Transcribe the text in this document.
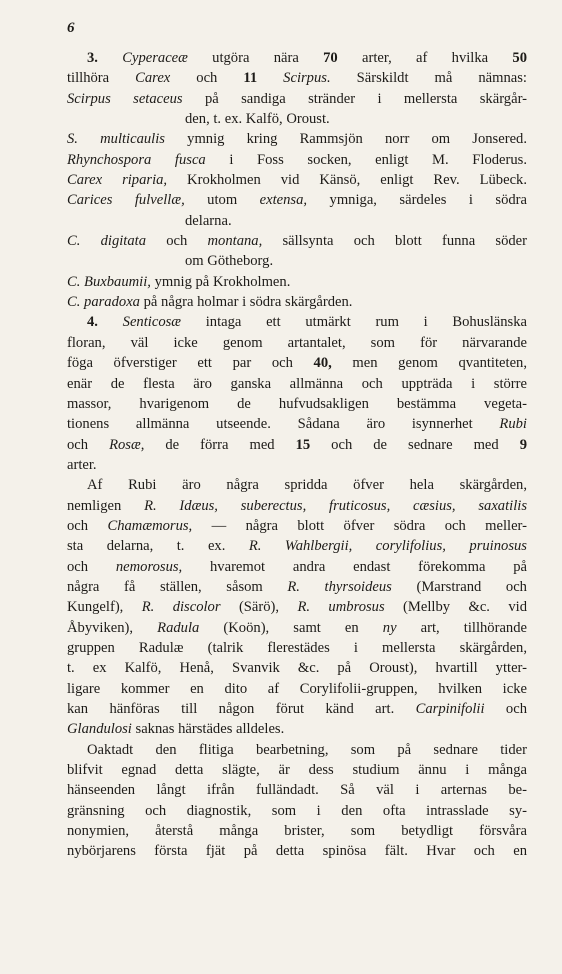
6
3. Cyperaceæ utgöra nära 70 arter, af hvilka 50
tillhöra Carex och 11 Scirpus. Särskildt må nämnas:
Scirpus setaceus på sandiga stränder i mellersta skärgår-
den, t. ex. Kalfö, Oroust.
S. multicaulis ymnig kring Rammsjön norr om Jonsered.
Rhynchospora fusca i Foss socken, enligt M. Floderus.
Carex riparia, Krokholmen vid Känsö, enligt Rev. Lübeck.
Carices fulvellæ, utom extensa, ymniga, särdeles i södra
delarna.
C. digitata och montana, sällsynta och blott funna söder
om Götheborg.
C. Buxbaumii, ymnig på Krokholmen.
C. paradoxa på några holmar i södra skärgården.
4. Senticosæ intaga ett utmärkt rum i Bohuslänska
floran, väl icke genom artantalet, som för närvarande
föga öfverstiger ett par och 40, men genom qvantiteten,
enär de flesta äro ganska allmänna och uppträda i större
massor, hvarigenom de hufvudsakligen bestämma vegeta-
tionens allmänna utseende. Sådana äro isynnerhet Rubi
och Rosæ, de förra med 15 och de sednare med 9
arter.
Af Rubi äro några spridda öfver hela skärgården,
nemligen R. Idæus, suberectus, fruticosus, cæsius, saxatilis
och Chamæmorus, — några blott öfver södra och meller-
sta delarna, t. ex. R. Wahlbergii, corylifolius, pruinosus
och nemorosus, hvaremot andra endast förekomma på
några få ställen, såsom R. thyrsoideus (Marstrand och
Kungelf), R. discolor (Särö), R. umbrosus (Mellby &c. vid
Åbyviken), Radula (Koön), samt en ny art, tillhörande
gruppen Radulæ (talrik flerestädes i mellersta skärgården,
t. ex Kalfö, Henå, Svanvik &c. på Oroust), hvartill ytter-
ligare kommer en dito af Corylifolii-gruppen, hvilken icke
kan hänföras till någon förut känd art. Carpinifolii och
Glandulosi saknas härstädes alldeles.
Oaktadt den flitiga bearbetning, som på sednare tider
blifvit egnad detta slägte, är dess studium ännu i många
hänseenden långt ifrån fulländadt. Så väl i arternas be-
gränsning och diagnostik, som i den ofta intrasslade sy-
nonymien, återstå många brister, som betydligt försvåra
nybörjarens första fjät på detta spinösa fält. Hvar och en
